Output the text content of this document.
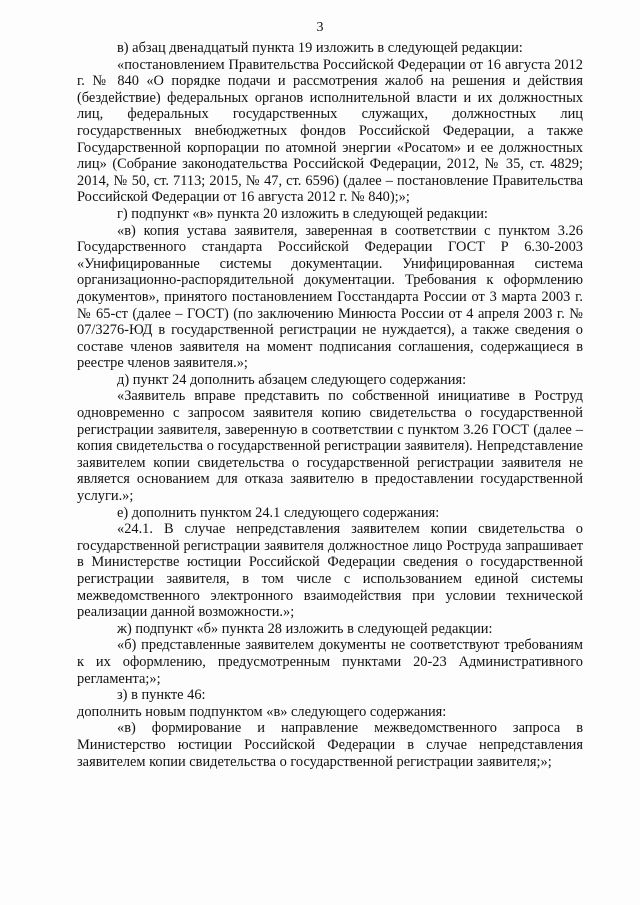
3

в) абзац двенадцатый пункта 19 изложить в следующей редакции:

«постановлением Правительства Российской Федерации от 16 августа 2012 г. № 840 «О порядке подачи и рассмотрения жалоб на решения и действия (бездействие) федеральных органов исполнительной власти и их должностных лиц, федеральных государственных служащих, должностных лиц государственных внебюджетных фондов Российской Федерации, а также Государственной корпорации по атомной энергии «Росатом» и ее должностных лиц» (Собрание законодательства Российской Федерации, 2012, № 35, ст. 4829; 2014, № 50, ст. 7113; 2015, № 47, ст. 6596) (далее – постановление Правительства Российской Федерации от 16 августа 2012 г. № 840);»;

г) подпункт «в» пункта 20 изложить в следующей редакции:

«в) копия устава заявителя, заверенная в соответствии с пунктом 3.26 Государственного стандарта Российской Федерации ГОСТ Р 6.30-2003 «Унифицированные системы документации. Унифицированная система организационно-распорядительной документации. Требования к оформлению документов», принятого постановлением Госстандарта России от 3 марта 2003 г. № 65-ст (далее – ГОСТ) (по заключению Минюста России от 4 апреля 2003 г. № 07/3276-ЮД в государственной регистрации не нуждается), а также сведения о составе членов заявителя на момент подписания соглашения, содержащиеся в реестре членов заявителя.»;

д) пункт 24 дополнить абзацем следующего содержания:

«Заявитель вправе представить по собственной инициативе в Роструд одновременно с запросом заявителя копию свидетельства о государственной регистрации заявителя, заверенную в соответствии с пунктом 3.26 ГОСТ (далее – копия свидетельства о государственной регистрации заявителя). Непредставление заявителем копии свидетельства о государственной регистрации заявителя не является основанием для отказа заявителю в предоставлении государственной услуги.»;

е) дополнить пунктом 24.1 следующего содержания:

«24.1. В случае непредставления заявителем копии свидетельства о государственной регистрации заявителя должностное лицо Роструда запрашивает в Министерстве юстиции Российской Федерации сведения о государственной регистрации заявителя, в том числе с использованием единой системы межведомственного электронного взаимодействия при условии технической реализации данной возможности.»;

ж) подпункт «б» пункта 28 изложить в следующей редакции:

«б) представленные заявителем документы не соответствуют требованиям к их оформлению, предусмотренным пунктами 20-23 Административного регламента;»;

з) в пункте 46:

дополнить новым подпунктом «в» следующего содержания:

«в) формирование и направление межведомственного запроса в Министерство юстиции Российской Федерации в случае непредставления заявителем копии свидетельства о государственной регистрации заявителя;»;
